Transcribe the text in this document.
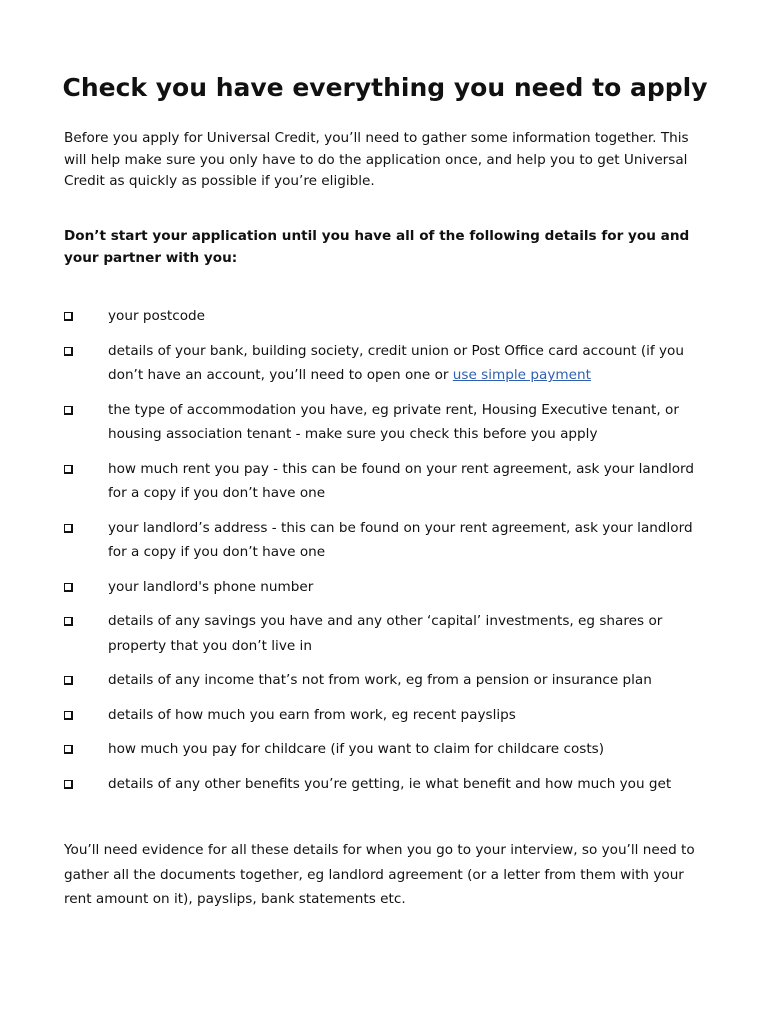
Check you have everything you need to apply

Before you apply for Universal Credit, you’ll need to gather some information together. This will help make sure you only have to do the application once, and help you to get Universal Credit as quickly as possible if you’re eligible.

Don’t start your application until you have all of the following details for you and your partner with you:

your postcode
details of your bank, building society, credit union or Post Office card account (if you don’t have an account, you’ll need to open one or use simple payment
the type of accommodation you have, eg private rent, Housing Executive tenant, or housing association tenant - make sure you check this before you apply
how much rent you pay - this can be found on your rent agreement, ask your landlord for a copy if you don’t have one
your landlord’s address - this can be found on your rent agreement, ask your landlord for a copy if you don’t have one
your landlord's phone number
details of any savings you have and any other ‘capital’ investments, eg shares or property that you don’t live in
details of any income that’s not from work, eg from a pension or insurance plan
details of how much you earn from work, eg recent payslips
how much you pay for childcare (if you want to claim for childcare costs)
details of any other benefits you’re getting, ie what benefit and how much you get

You’ll need evidence for all these details for when you go to your interview, so you’ll need to gather all the documents together, eg landlord agreement (or a letter from them with your rent amount on it), payslips, bank statements etc.
